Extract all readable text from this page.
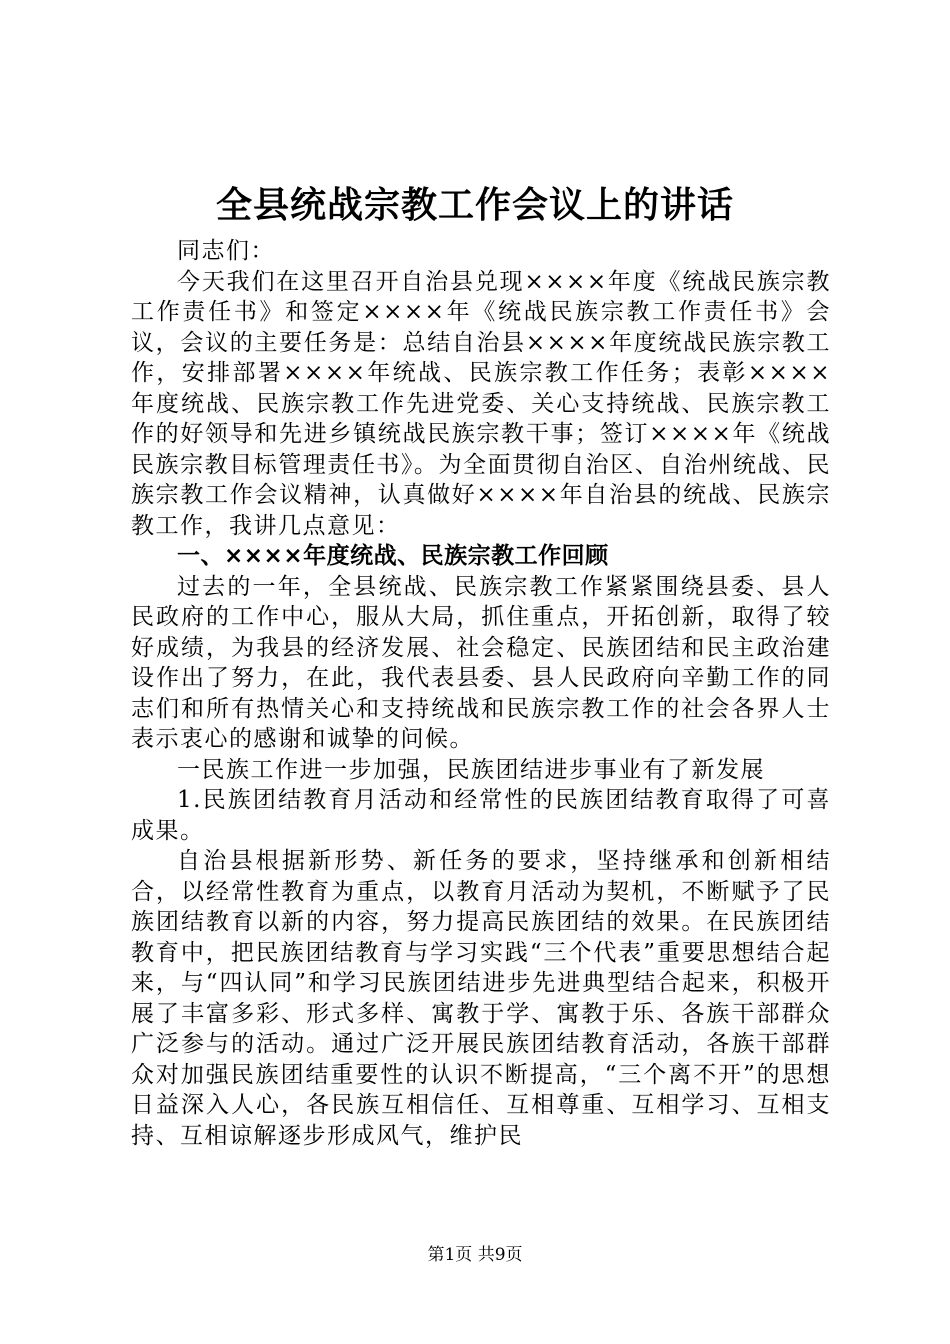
全县统战宗教工作会议上的讲话

同志们：

今天我们在这里召开自治县兑现××××年度《统战民族宗教工作责任书》和签定××××年《统战民族宗教工作责任书》会议，会议的主要任务是：总结自治县××××年度统战民族宗教工作，安排部署××××年统战、民族宗教工作任务；表彰××××年度统战、民族宗教工作先进党委、关心支持统战、民族宗教工作的好领导和先进乡镇统战民族宗教干事；签订××××年《统战民族宗教目标管理责任书》。为全面贯彻自治区、自治州统战、民族宗教工作会议精神，认真做好××××年自治县的统战、民族宗教工作，我讲几点意见：

一、××××年度统战、民族宗教工作回顾

过去的一年，全县统战、民族宗教工作紧紧围绕县委、县人民政府的工作中心，服从大局，抓住重点，开拓创新，取得了较好成绩，为我县的经济发展、社会稳定、民族团结和民主政治建设作出了努力，在此，我代表县委、县人民政府向辛勤工作的同志们和所有热情关心和支持统战和民族宗教工作的社会各界人士表示衷心的感谢和诚挚的问候。

一民族工作进一步加强，民族团结进步事业有了新发展

1.民族团结教育月活动和经常性的民族团结教育取得了可喜成果。

自治县根据新形势、新任务的要求，坚持继承和创新相结合，以经常性教育为重点，以教育月活动为契机，不断赋予了民族团结教育以新的内容，努力提高民族团结的效果。在民族团结教育中，把民族团结教育与学习实践“三个代表”重要思想结合起来，与“四认同”和学习民族团结进步先进典型结合起来，积极开展了丰富多彩、形式多样、寓教于学、寓教于乐、各族干部群众广泛参与的活动。通过广泛开展民族团结教育活动，各族干部群众对加强民族团结重要性的认识不断提高，“三个离不开”的思想日益深入人心，各民族互相信任、互相尊重、互相学习、互相支持、互相谅解逐步形成风气，维护民

第1页 共9页
